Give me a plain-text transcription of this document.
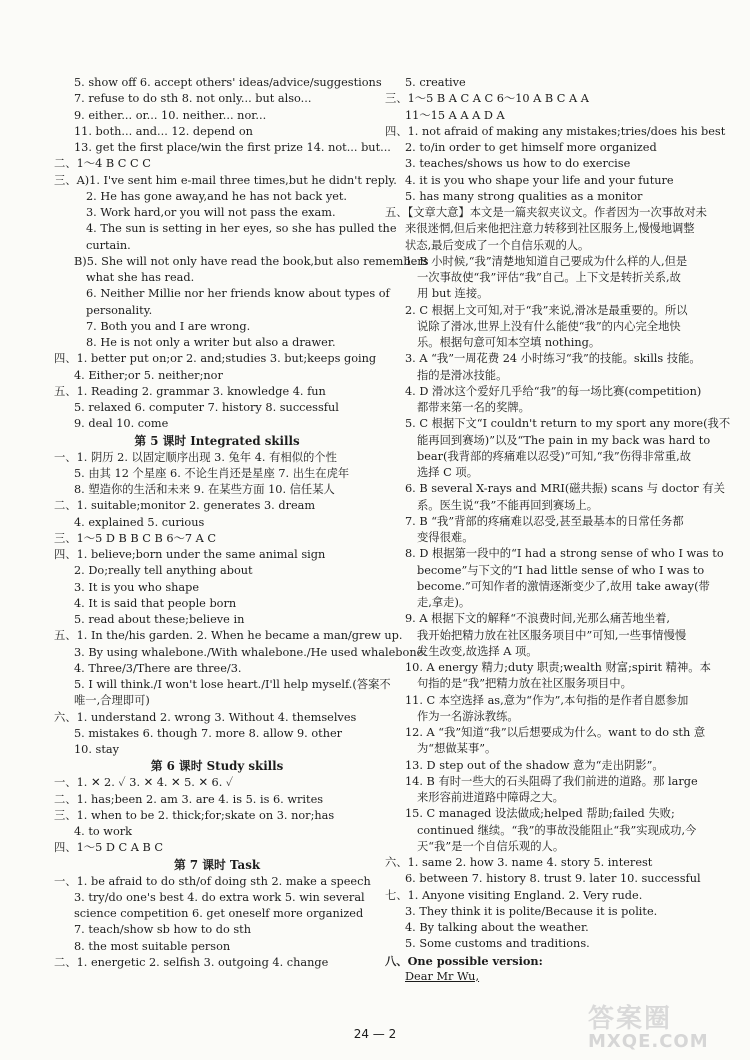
5. show off 6. accept others' ideas/advice/suggestions
7. refuse to do sth 8. not only... but also...
9. either... or... 10. neither... nor...
11. both... and... 12. depend on
13. get the first place/win the first prize 14. not... but...
二、1～4 B C C C
三、A)1. I've sent him e-mail three times,but he didn't reply.
2. He has gone away,and he has not back yet.
3. Work hard,or you will not pass the exam.
4. The sun is setting in her eyes, so she has pulled the
curtain.
B)5. She will not only have read the book,but also remembers
what she has read.
6. Neither Millie nor her friends know about types of
personality.
7. Both you and I are wrong.
8. He is not only a writer but also a drawer.
四、1. better put on;or 2. and;studies 3. but;keeps going
4. Either;or 5. neither;nor
五、1. Reading 2. grammar 3. knowledge 4. fun
5. relaxed 6. computer 7. history 8. successful
9. deal 10. come
第 5 课时 Integrated skills
一、1. 阴历 2. 以固定顺序出现 3. 兔年 4. 有相似的个性
5. 由其 12 个星座 6. 不论生肖还是星座 7. 出生在虎年
8. 塑造你的生活和未来 9. 在某些方面 10. 信任某人
二、1. suitable;monitor 2. generates 3. dream
4. explained 5. curious
三、1～5 D B B C B 6～7 A C
四、1. believe;born under the same animal sign
2. Do;really tell anything about
3. It is you who shape
4. It is said that people born
5. read about these;believe in
五、1. In the/his garden. 2. When he became a man/grew up.
3. By using whalebone./With whalebone./He used whalebone.
4. Three/3/There are three/3.
5. I will think./I won't lose heart./I'll help myself.(答案不
唯一,合理即可)
六、1. understand 2. wrong 3. Without 4. themselves
5. mistakes 6. though 7. more 8. allow 9. other
10. stay
第 6 课时 Study skills
一、1. ✕ 2. ✓ 3. ✕ 4. ✕ 5. ✕ 6. ✓
二、1. has;been 2. am 3. are 4. is 5. is 6. writes
三、1. when to be 2. thick;for;skate on 3. nor;has
4. to work
四、1～5 D C A B C
第 7 课时 Task
一、1. be afraid to do sth/of doing sth 2. make a speech
3. try/do one's best 4. do extra work 5. win several
science competition 6. get oneself more organized
7. teach/show sb how to do sth
8. the most suitable person
二、1. energetic 2. selfish 3. outgoing 4. change
5. creative
三、1～5 B A C A C 6～10 A B C A A
11～15 A A A D A
四、1. not afraid of making any mistakes;tries/does his best
2. to/in order to get himself more organized
3. teaches/shows us how to do exercise
4. it is you who shape your life and your future
5. has many strong qualities as a monitor
五、【文章大意】本文是一篇夹叙夹议文。作者因为一次事故对未
来很迷惘,但后来他把注意力转移到社区服务上,慢慢地调整
状态,最后变成了一个自信乐观的人。
1. B 小时候,“我”清楚地知道自己要成为什么样的人,但是
一次事故使“我”评估“我”自己。上下文是转折关系,故
用 but 连接。
2. C 根据上文可知,对于“我”来说,滑冰是最重要的。所以
说除了滑冰,世界上没有什么能使“我”的内心完全地快
乐。根据句意可知本空填 nothing。
3. A “我”一周花费 24 小时练习“我”的技能。skills 技能。
指的是滑冰技能。
4. D 滑冰这个爱好几乎给“我”的每一场比赛(competition)
都带来第一名的奖牌。
5. C 根据下文“I couldn't return to my sport any more(我不
能再回到赛场)”以及“The pain in my back was hard to
bear(我背部的疼痛难以忍受)”可知,“我”伤得非常重,故
选择 C 项。
6. B several X-rays and MRI(磁共振) scans 与 doctor 有关
系。医生说“我”不能再回到赛场上。
7. B “我”背部的疼痛难以忍受,甚至最基本的日常任务都
变得很难。
8. D 根据第一段中的“I had a strong sense of who I was to
become”与下文的“I had little sense of who I was to
become.”可知作者的激情逐渐变少了,故用 take away(带
走,拿走)。
9. A 根据下文的解释“不浪费时间,光那么痛苦地坐着,
我开始把精力放在社区服务项目中”可知,一些事情慢慢
发生改变,故选择 A 项。
10. A energy 精力;duty 职责;wealth 财富;spirit 精神。本
句指的是“我”把精力放在社区服务项目中。
11. C 本空选择 as,意为“作为”,本句指的是作者自愿参加
作为一名游泳教练。
12. A “我”知道“我”以后想要成为什么。want to do sth 意
为“想做某事”。
13. D step out of the shadow 意为“走出阴影”。
14. B 有时一些大的石头阻碍了我们前进的道路。那 large
来形容前进道路中障碍之大。
15. C managed 设法做成;helped 帮助;failed 失败;
continued 继续。“我”的事故没能阻止“我”实现成功,今
天“我”是一个自信乐观的人。
六、1. same 2. how 3. name 4. story 5. interest
6. between 7. history 8. trust 9. later 10. successful
七、1. Anyone visiting England. 2. Very rude.
3. They think it is polite/Because it is polite.
4. By talking about the weather.
5. Some customs and traditions.
八、One possible version:
Dear Mr Wu,
24 — 2	答案圈
MXQE.COM
